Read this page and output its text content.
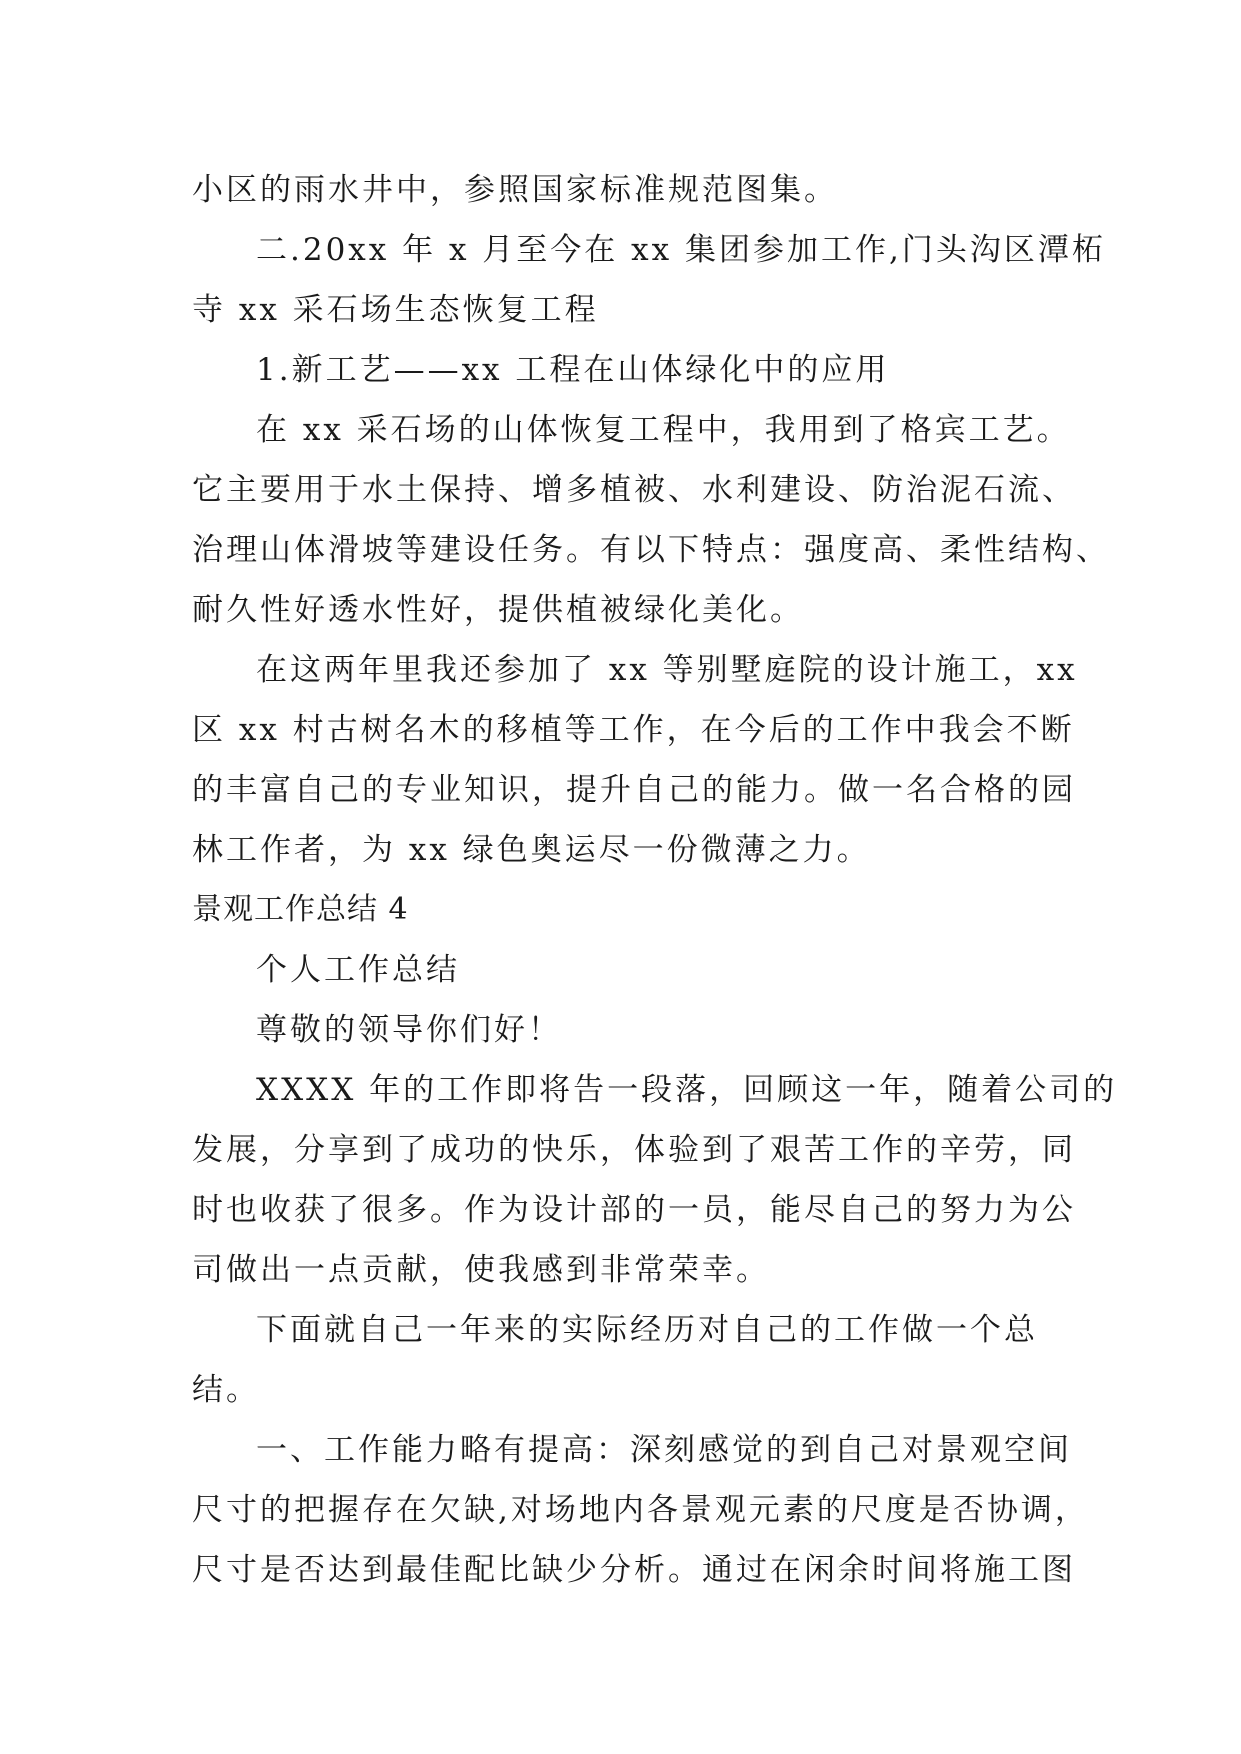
小区的雨水井中，参照国家标准规范图集。

二.20xx 年 x 月至今在 xx 集团参加工作,门头沟区潭柘

寺 xx 采石场生态恢复工程

1.新工艺——xx 工程在山体绿化中的应用

在 xx 采石场的山体恢复工程中，我用到了格宾工艺。

它主要用于水土保持、增多植被、水利建设、防治泥石流、

治理山体滑坡等建设任务。有以下特点：强度高、柔性结构、

耐久性好透水性好，提供植被绿化美化。

在这两年里我还参加了 xx 等别墅庭院的设计施工，xx

区 xx 村古树名木的移植等工作，在今后的工作中我会不断

的丰富自己的专业知识，提升自己的能力。做一名合格的园

林工作者，为 xx 绿色奥运尽一份微薄之力。

景观工作总结 4

个人工作总结

尊敬的领导你们好！

XXXX 年的工作即将告一段落，回顾这一年，随着公司的

发展，分享到了成功的快乐，体验到了艰苦工作的辛劳，同

时也收获了很多。作为设计部的一员，能尽自己的努力为公

司做出一点贡献，使我感到非常荣幸。

下面就自己一年来的实际经历对自己的工作做一个总

结。

一、工作能力略有提高：深刻感觉的到自己对景观空间

尺寸的把握存在欠缺,对场地内各景观元素的尺度是否协调，

尺寸是否达到最佳配比缺少分析。通过在闲余时间将施工图
